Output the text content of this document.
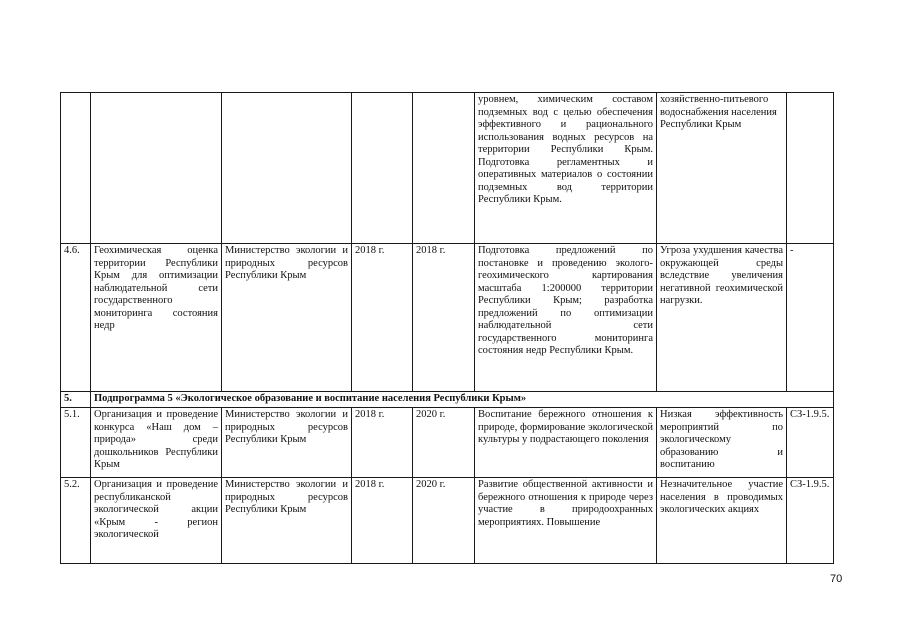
					уровнем, химическим составом подземных вод с целью обеспечения эффективного и рационального использования водных ресурсов на территории Республики Крым. Подготовка регламентных и оперативных материалов о состоянии подземных вод территории Республики Крым.	хозяйственно-питьевого водоснабжения населения Республики Крым	
4.6.	Геохимическая оценка территории Республики Крым для оптимизации наблюдательной сети государственного мониторинга состояния недр	Министерство экологии и природных ресурсов Республики Крым	2018 г.	2018 г.	Подготовка предложений по постановке и проведению эколого-геохимического картирования масштаба 1:200000 территории Республики Крым; разработка предложений по оптимизации наблюдательной сети государственного мониторинга состояния недр Республики Крым.	Угроза ухудшения качества окружающей среды вследствие увеличения негативной геохимической нагрузки.	-
5.	Подпрограмма 5 «Экологическое образование и воспитание населения Республики Крым»						
5.1.	Организация и проведение конкурса «Наш дом – природа» среди дошкольников Республики Крым	Министерство экологии и природных ресурсов Республики Крым	2018 г.	2020 г.	Воспитание бережного отношения к природе, формирование экологической культуры у подрастающего поколения	Низкая эффективность мероприятий по экологическому образованию и воспитанию	СЗ-1.9.5.
5.2.	Организация и проведение республиканской экологической акции «Крым - регион экологической	Министерство экологии и природных ресурсов Республики Крым	2018 г.	2020 г.	Развитие общественной активности и бережного отношения к природе через участие в природоохранных мероприятиях. Повышение	Незначительное участие населения в проводимых экологических акциях	СЗ-1.9.5.
70
